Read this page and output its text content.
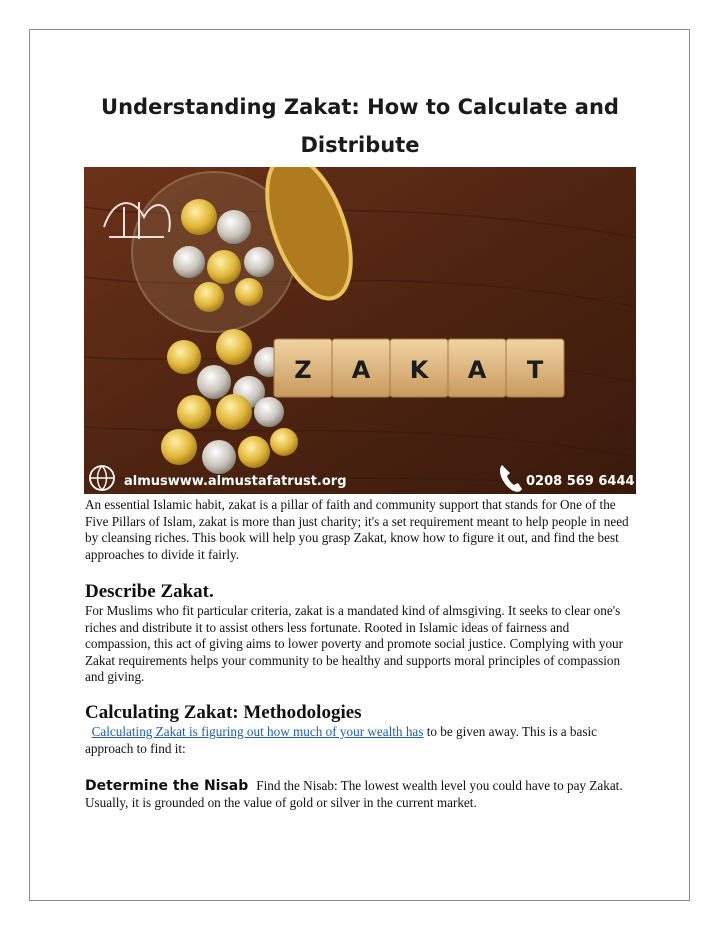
Understanding Zakat: How to Calculate and
Distribute
Z A K A T
almuswww.almustafatrust.org	0208 569 6444

An essential Islamic habit, zakat is a pillar of faith and community support that stands for One of the Five Pillars of Islam, zakat is more than just charity; it's a set requirement meant to help people in need by cleansing riches. This book will help you grasp Zakat, know how to figure it out, and find the best approaches to divide it fairly.

Describe Zakat.

For Muslims who fit particular criteria, zakat is a mandated kind of almsgiving. It seeks to clear one's riches and distribute it to assist others less fortunate. Rooted in Islamic ideas of fairness and compassion, this act of giving aims to lower poverty and promote social justice. Complying with your Zakat requirements helps your community to be healthy and supports moral principles of compassion and giving.

Calculating Zakat: Methodologies

Calculating Zakat is figuring out how much of your wealth has to be given away. This is a basic approach to find it:

Determine the Nisab Find the Nisab: The lowest wealth level you could have to pay Zakat. Usually, it is grounded on the value of gold or silver in the current market.
